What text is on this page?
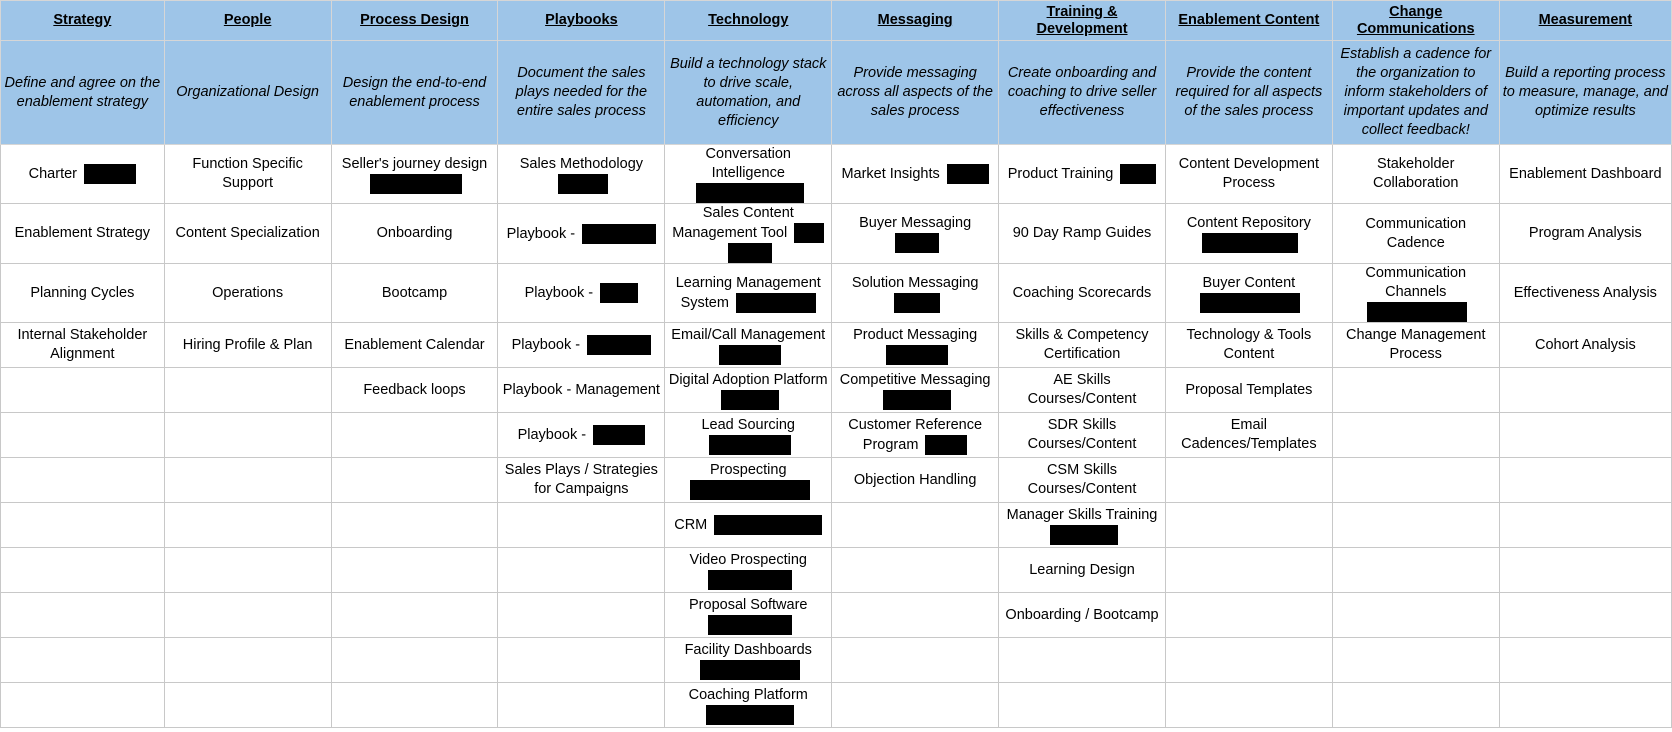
Strategy	People	Process Design	Playbooks	Technology	Messaging	Training & Development	Enablement Content	Change Communications	Measurement
Define and agree on the enablement strategy	Organizational Design	Design the end-to-end enablement process	Document the sales plays needed for the entire sales process	Build a technology stack to drive scale, automation, and efficiency	Provide messaging across all aspects of the sales process	Create onboarding and coaching to drive seller effectiveness	Provide the content required for all aspects of the sales process	Establish a cadence for the organization to inform stakeholders of important updates and collect feedback!	Build a reporting process to measure, manage, and optimize results
Charter	Function Specific Support	Seller's journey design	Sales Methodology	Conversation Intelligence	Market Insights	Product Training	Content Development Process	Stakeholder Collaboration	Enablement Dashboard
Enablement Strategy	Content Specialization	Onboarding	Playbook -	Sales Content Management Tool	Buyer Messaging	90 Day Ramp Guides	Content Repository	Communication Cadence	Program Analysis
Planning Cycles	Operations	Bootcamp	Playbook -	Learning Management System	Solution Messaging	Coaching Scorecards	Buyer Content	Communication Channels	Effectiveness Analysis
Internal Stakeholder Alignment	Hiring Profile & Plan	Enablement Calendar	Playbook -	Email/Call Management	Product Messaging	Skills & Competency Certification	Technology & Tools Content	Change Management Process	Cohort Analysis
		Feedback loops	Playbook - Management	Digital Adoption Platform	Competitive Messaging	AE Skills Courses/Content	Proposal Templates		
			Playbook -	Lead Sourcing	Customer Reference Program	SDR Skills Courses/Content	Email Cadences/Templates		
			Sales Plays / Strategies for Campaigns	Prospecting	Objection Handling	CSM Skills Courses/Content			
				CRM		Manager Skills Training			
				Video Prospecting		Learning Design			
				Proposal Software		Onboarding / Bootcamp			
				Facility Dashboards					
				Coaching Platform					
